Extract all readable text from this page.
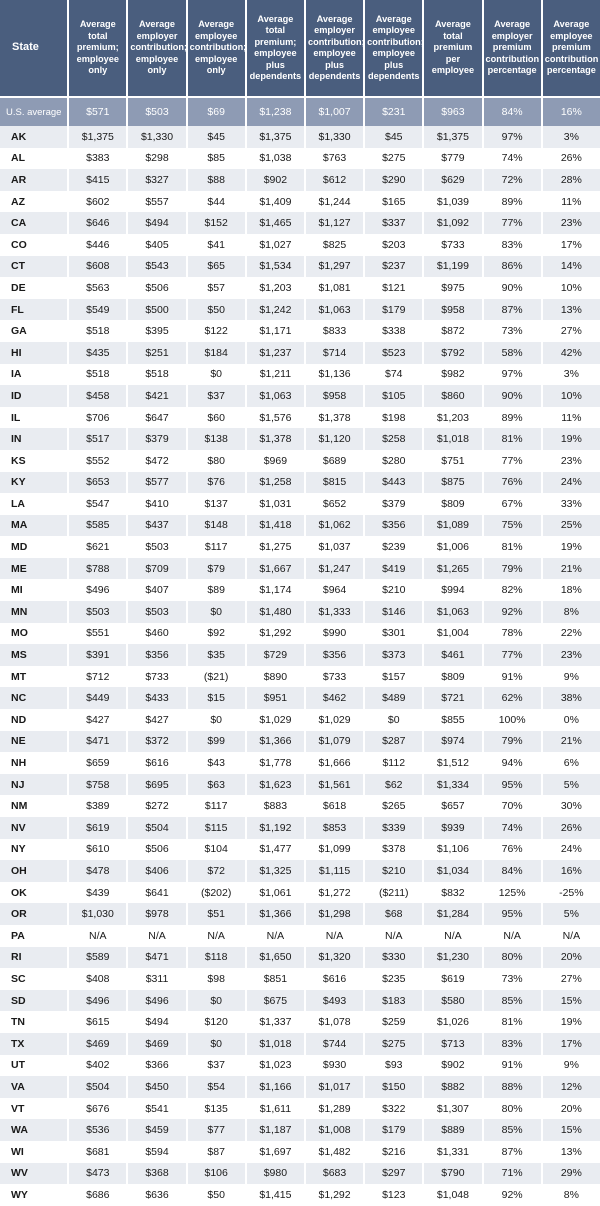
State	Average total premium; employee only	Average employer contribution; employee only	Average employee contribution; employee only	Average total premium; employee plus dependents	Average employer contribution; employee plus dependents	Average employee contribution; employee plus dependents	Average total premium per employee	Average employer premium contribution percentage	Average employee premium contribution percentage
U.S. average	$571	$503	$69	$1,238	$1,007	$231	$963	84%	16%
AK	$1,375	$1,330	$45	$1,375	$1,330	$45	$1,375	97%	3%
AL	$383	$298	$85	$1,038	$763	$275	$779	74%	26%
AR	$415	$327	$88	$902	$612	$290	$629	72%	28%
AZ	$602	$557	$44	$1,409	$1,244	$165	$1,039	89%	11%
CA	$646	$494	$152	$1,465	$1,127	$337	$1,092	77%	23%
CO	$446	$405	$41	$1,027	$825	$203	$733	83%	17%
CT	$608	$543	$65	$1,534	$1,297	$237	$1,199	86%	14%
DE	$563	$506	$57	$1,203	$1,081	$121	$975	90%	10%
FL	$549	$500	$50	$1,242	$1,063	$179	$958	87%	13%
GA	$518	$395	$122	$1,171	$833	$338	$872	73%	27%
HI	$435	$251	$184	$1,237	$714	$523	$792	58%	42%
IA	$518	$518	$0	$1,211	$1,136	$74	$982	97%	3%
ID	$458	$421	$37	$1,063	$958	$105	$860	90%	10%
IL	$706	$647	$60	$1,576	$1,378	$198	$1,203	89%	11%
IN	$517	$379	$138	$1,378	$1,120	$258	$1,018	81%	19%
KS	$552	$472	$80	$969	$689	$280	$751	77%	23%
KY	$653	$577	$76	$1,258	$815	$443	$875	76%	24%
LA	$547	$410	$137	$1,031	$652	$379	$809	67%	33%
MA	$585	$437	$148	$1,418	$1,062	$356	$1,089	75%	25%
MD	$621	$503	$117	$1,275	$1,037	$239	$1,006	81%	19%
ME	$788	$709	$79	$1,667	$1,247	$419	$1,265	79%	21%
MI	$496	$407	$89	$1,174	$964	$210	$994	82%	18%
MN	$503	$503	$0	$1,480	$1,333	$146	$1,063	92%	8%
MO	$551	$460	$92	$1,292	$990	$301	$1,004	78%	22%
MS	$391	$356	$35	$729	$356	$373	$461	77%	23%
MT	$712	$733	($21)	$890	$733	$157	$809	91%	9%
NC	$449	$433	$15	$951	$462	$489	$721	62%	38%
ND	$427	$427	$0	$1,029	$1,029	$0	$855	100%	0%
NE	$471	$372	$99	$1,366	$1,079	$287	$974	79%	21%
NH	$659	$616	$43	$1,778	$1,666	$112	$1,512	94%	6%
NJ	$758	$695	$63	$1,623	$1,561	$62	$1,334	95%	5%
NM	$389	$272	$117	$883	$618	$265	$657	70%	30%
NV	$619	$504	$115	$1,192	$853	$339	$939	74%	26%
NY	$610	$506	$104	$1,477	$1,099	$378	$1,106	76%	24%
OH	$478	$406	$72	$1,325	$1,115	$210	$1,034	84%	16%
OK	$439	$641	($202)	$1,061	$1,272	($211)	$832	125%	-25%
OR	$1,030	$978	$51	$1,366	$1,298	$68	$1,284	95%	5%
PA	N/A	N/A	N/A	N/A	N/A	N/A	N/A	N/A	N/A
RI	$589	$471	$118	$1,650	$1,320	$330	$1,230	80%	20%
SC	$408	$311	$98	$851	$616	$235	$619	73%	27%
SD	$496	$496	$0	$675	$493	$183	$580	85%	15%
TN	$615	$494	$120	$1,337	$1,078	$259	$1,026	81%	19%
TX	$469	$469	$0	$1,018	$744	$275	$713	83%	17%
UT	$402	$366	$37	$1,023	$930	$93	$902	91%	9%
VA	$504	$450	$54	$1,166	$1,017	$150	$882	88%	12%
VT	$676	$541	$135	$1,611	$1,289	$322	$1,307	80%	20%
WA	$536	$459	$77	$1,187	$1,008	$179	$889	85%	15%
WI	$681	$594	$87	$1,697	$1,482	$216	$1,331	87%	13%
WV	$473	$368	$106	$980	$683	$297	$790	71%	29%
WY	$686	$636	$50	$1,415	$1,292	$123	$1,048	92%	8%
